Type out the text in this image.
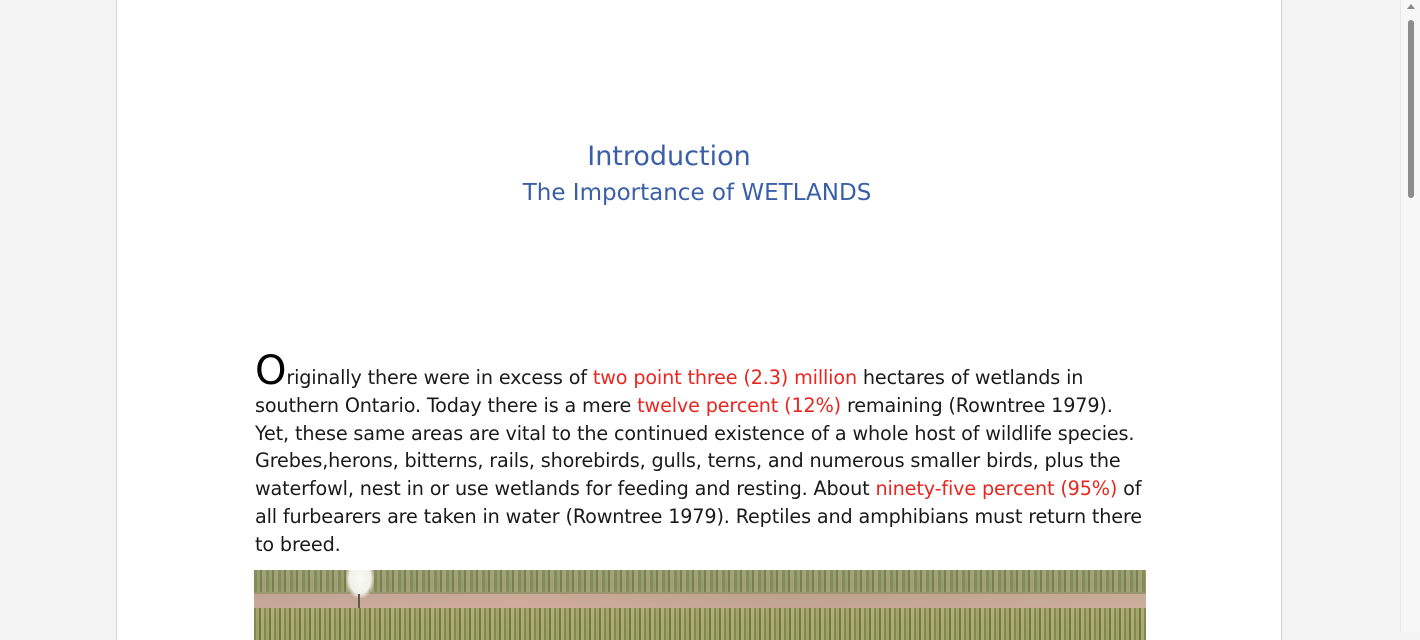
Introduction
The Importance of WETLANDS

Originally there were in excess of two point three (2.3) million hectares of wetlands in southern Ontario. Today there is a mere twelve percent (12%) remaining (Rowntree 1979). Yet, these same areas are vital to the continued existence of a whole host of wildlife species. Grebes,herons, bitterns, rails, shorebirds, gulls, terns, and numerous smaller birds, plus the waterfowl, nest in or use wetlands for feeding and resting. About ninety-five percent (95%) of all furbearers are taken in water (Rowntree 1979). Reptiles and amphibians must return there to breed.
